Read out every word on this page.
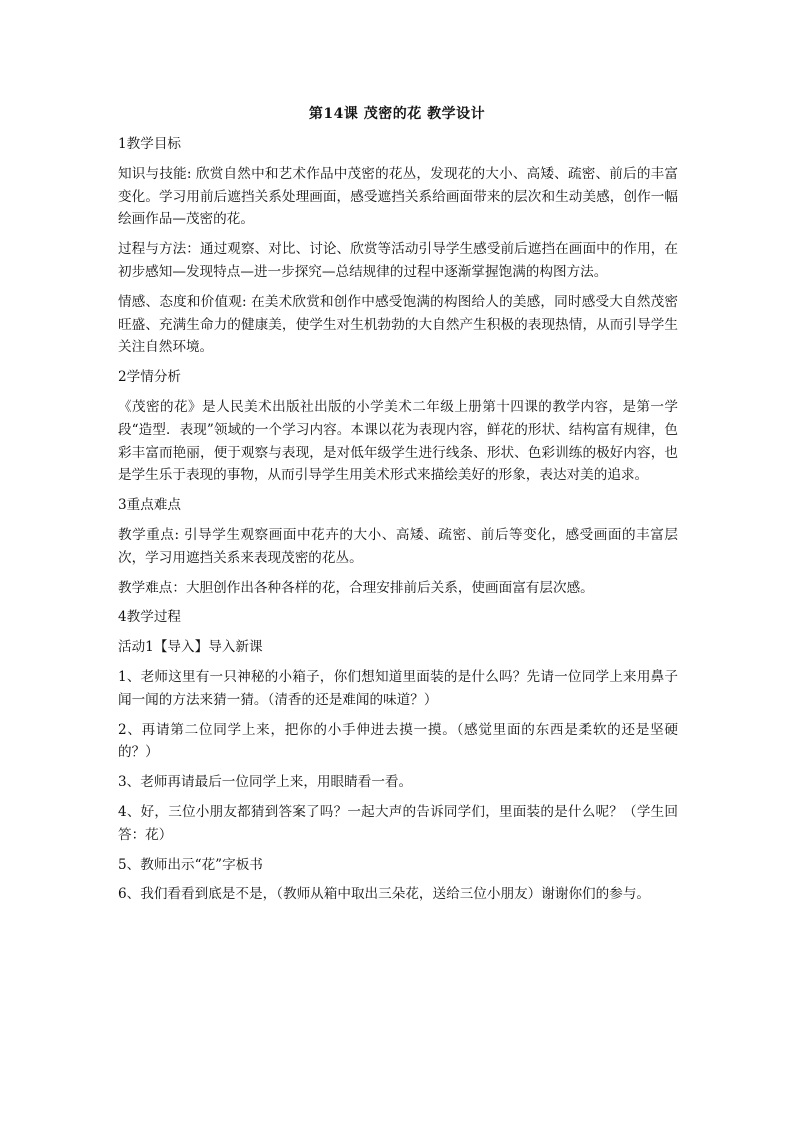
第14课 茂密的花 教学设计

1教学目标

知识与技能: 欣赏自然中和艺术作品中茂密的花丛，发现花的大小、高矮、疏密、前后的丰富变化。学习用前后遮挡关系处理画面，感受遮挡关系给画面带来的层次和生动美感，创作一幅绘画作品—茂密的花。

过程与方法：通过观察、对比、讨论、欣赏等活动引导学生感受前后遮挡在画面中的作用，在初步感知—发现特点—进一步探究—总结规律的过程中逐渐掌握饱满的构图方法。

情感、态度和价值观: 在美术欣赏和创作中感受饱满的构图给人的美感，同时感受大自然茂密旺盛、充满生命力的健康美，使学生对生机勃勃的大自然产生积极的表现热情，从而引导学生关注自然环境。

2学情分析

《茂密的花》是人民美术出版社出版的小学美术二年级上册第十四课的教学内容，是第一学段“造型．表现”领域的一个学习内容。本课以花为表现内容，鲜花的形状、结构富有规律，色彩丰富而艳丽，便于观察与表现，是对低年级学生进行线条、形状、色彩训练的极好内容，也是学生乐于表现的事物，从而引导学生用美术形式来描绘美好的形象，表达对美的追求。

3重点难点

教学重点: 引导学生观察画面中花卉的大小、高矮、疏密、前后等变化，感受画面的丰富层次，学习用遮挡关系来表现茂密的花丛。

教学难点：大胆创作出各种各样的花，合理安排前后关系，使画面富有层次感。

4教学过程

活动1【导入】导入新课

1、老师这里有一只神秘的小箱子，你们想知道里面装的是什么吗？先请一位同学上来用鼻子闻一闻的方法来猜一猜。（清香的还是难闻的味道？）

2、再请第二位同学上来，把你的小手伸进去摸一摸。（感觉里面的东西是柔软的还是坚硬的？）

3、老师再请最后一位同学上来，用眼睛看一看。

4、好，三位小朋友都猜到答案了吗？一起大声的告诉同学们，里面装的是什么呢？（学生回答：花）

5、教师出示“花”字板书

6、我们看看到底是不是，（教师从箱中取出三朵花，送给三位小朋友）谢谢你们的参与。
